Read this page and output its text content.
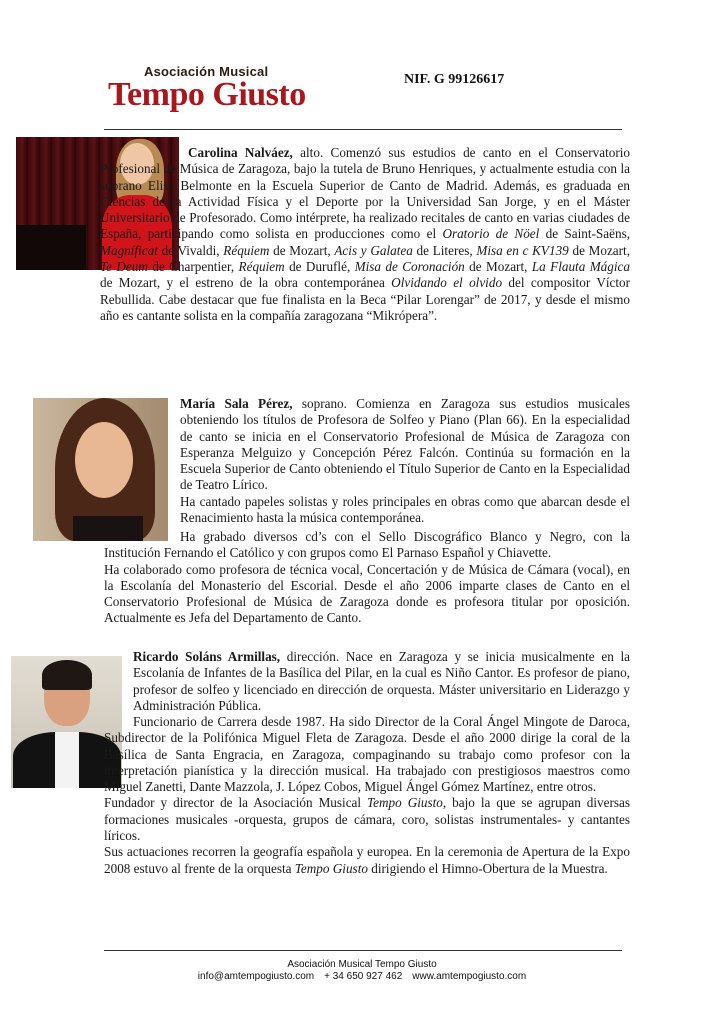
Asociación Musical
Tempo Giusto	NIF. G 99126617

Carolina Nalváez, alto. Comenzó sus estudios de canto en el Conservatorio Profesional de Música de Zaragoza, bajo la tutela de Bruno Henriques, y actualmente estudia con la soprano Elisa Belmonte en la Escuela Superior de Canto de Madrid. Además, es graduada en Ciencias de la Actividad Física y el Deporte por la Universidad San Jorge, y en el Máster Universitario de Profesorado. Como intérprete, ha realizado recitales de canto en varias ciudades de España, participando como solista en producciones como el Oratorio de Nöel de Saint-Saëns, Magníficat de Vivaldi, Réquiem de Mozart, Acis y Galatea de Literes, Misa en c KV139 de Mozart, Te Deum de Charpentier, Réquiem de Duruflé, Misa de Coronación de Mozart, La Flauta Mágica de Mozart, y el estreno de la obra contemporánea Olvidando el olvido del compositor Víctor Rebullida. Cabe destacar que fue finalista en la Beca “Pilar Lorengar” de 2017, y desde el mismo año es cantante solista en la compañía zaragozana “Mikrópera”.

María Sala Pérez, soprano. Comienza en Zaragoza sus estudios musicales obteniendo los títulos de Profesora de Solfeo y Piano (Plan 66). En la especialidad de canto se inicia en el Conservatorio Profesional de Música de Zaragoza con Esperanza Melguizo y Concepción Pérez Falcón. Continúa su formación en la Escuela Superior de Canto obteniendo el Título Superior de Canto en la Especialidad de Teatro Lírico.

Ha cantado papeles solistas y roles principales en obras como que abarcan desde el Renacimiento hasta la música contemporánea.

Ha grabado diversos cd’s con el Sello Discográfico Blanco y Negro, con la Institución Fernando el Católico y con grupos como El Parnaso Español y Chiavette.

Ha colaborado como profesora de técnica vocal, Concertación y de Música de Cámara (vocal), en la Escolanía del Monasterio del Escorial. Desde el año 2006 imparte clases de Canto en el Conservatorio Profesional de Música de Zaragoza donde es profesora titular por oposición. Actualmente es Jefa del Departamento de Canto.

Ricardo Soláns Armillas, dirección. Nace en Zaragoza y se inicia musicalmente en la Escolanía de Infantes de la Basílica del Pilar, en la cual es Niño Cantor. Es profesor de piano, profesor de solfeo y licenciado en dirección de orquesta. Máster universitario en Liderazgo y Administración Pública.

Funcionario de Carrera desde 1987. Ha sido Director de la Coral Ángel Mingote de Daroca, Subdirector de la Polifónica Miguel Fleta de Zaragoza. Desde el año 2000 dirige la coral de la Basílica de Santa Engracia, en Zaragoza, compaginando su trabajo como profesor con la interpretación pianística y la dirección musical. Ha trabajado con prestigiosos maestros como Miguel Zanetti, Dante Mazzola, J. López Cobos, Miguel Ángel Gómez Martínez, entre otros.

Fundador y director de la Asociación Musical Tempo Giusto, bajo la que se agrupan diversas formaciones musicales -orquesta, grupos de cámara, coro, solistas instrumentales- y cantantes líricos.

Sus actuaciones recorren la geografía española y europea. En la ceremonia de Apertura de la Expo 2008 estuvo al frente de la orquesta Tempo Giusto dirigiendo el Himno-Obertura de la Muestra.

Asociación Musical Tempo Giusto
info@amtempogiusto.com + 34 650 927 462 www.amtempogiusto.com
